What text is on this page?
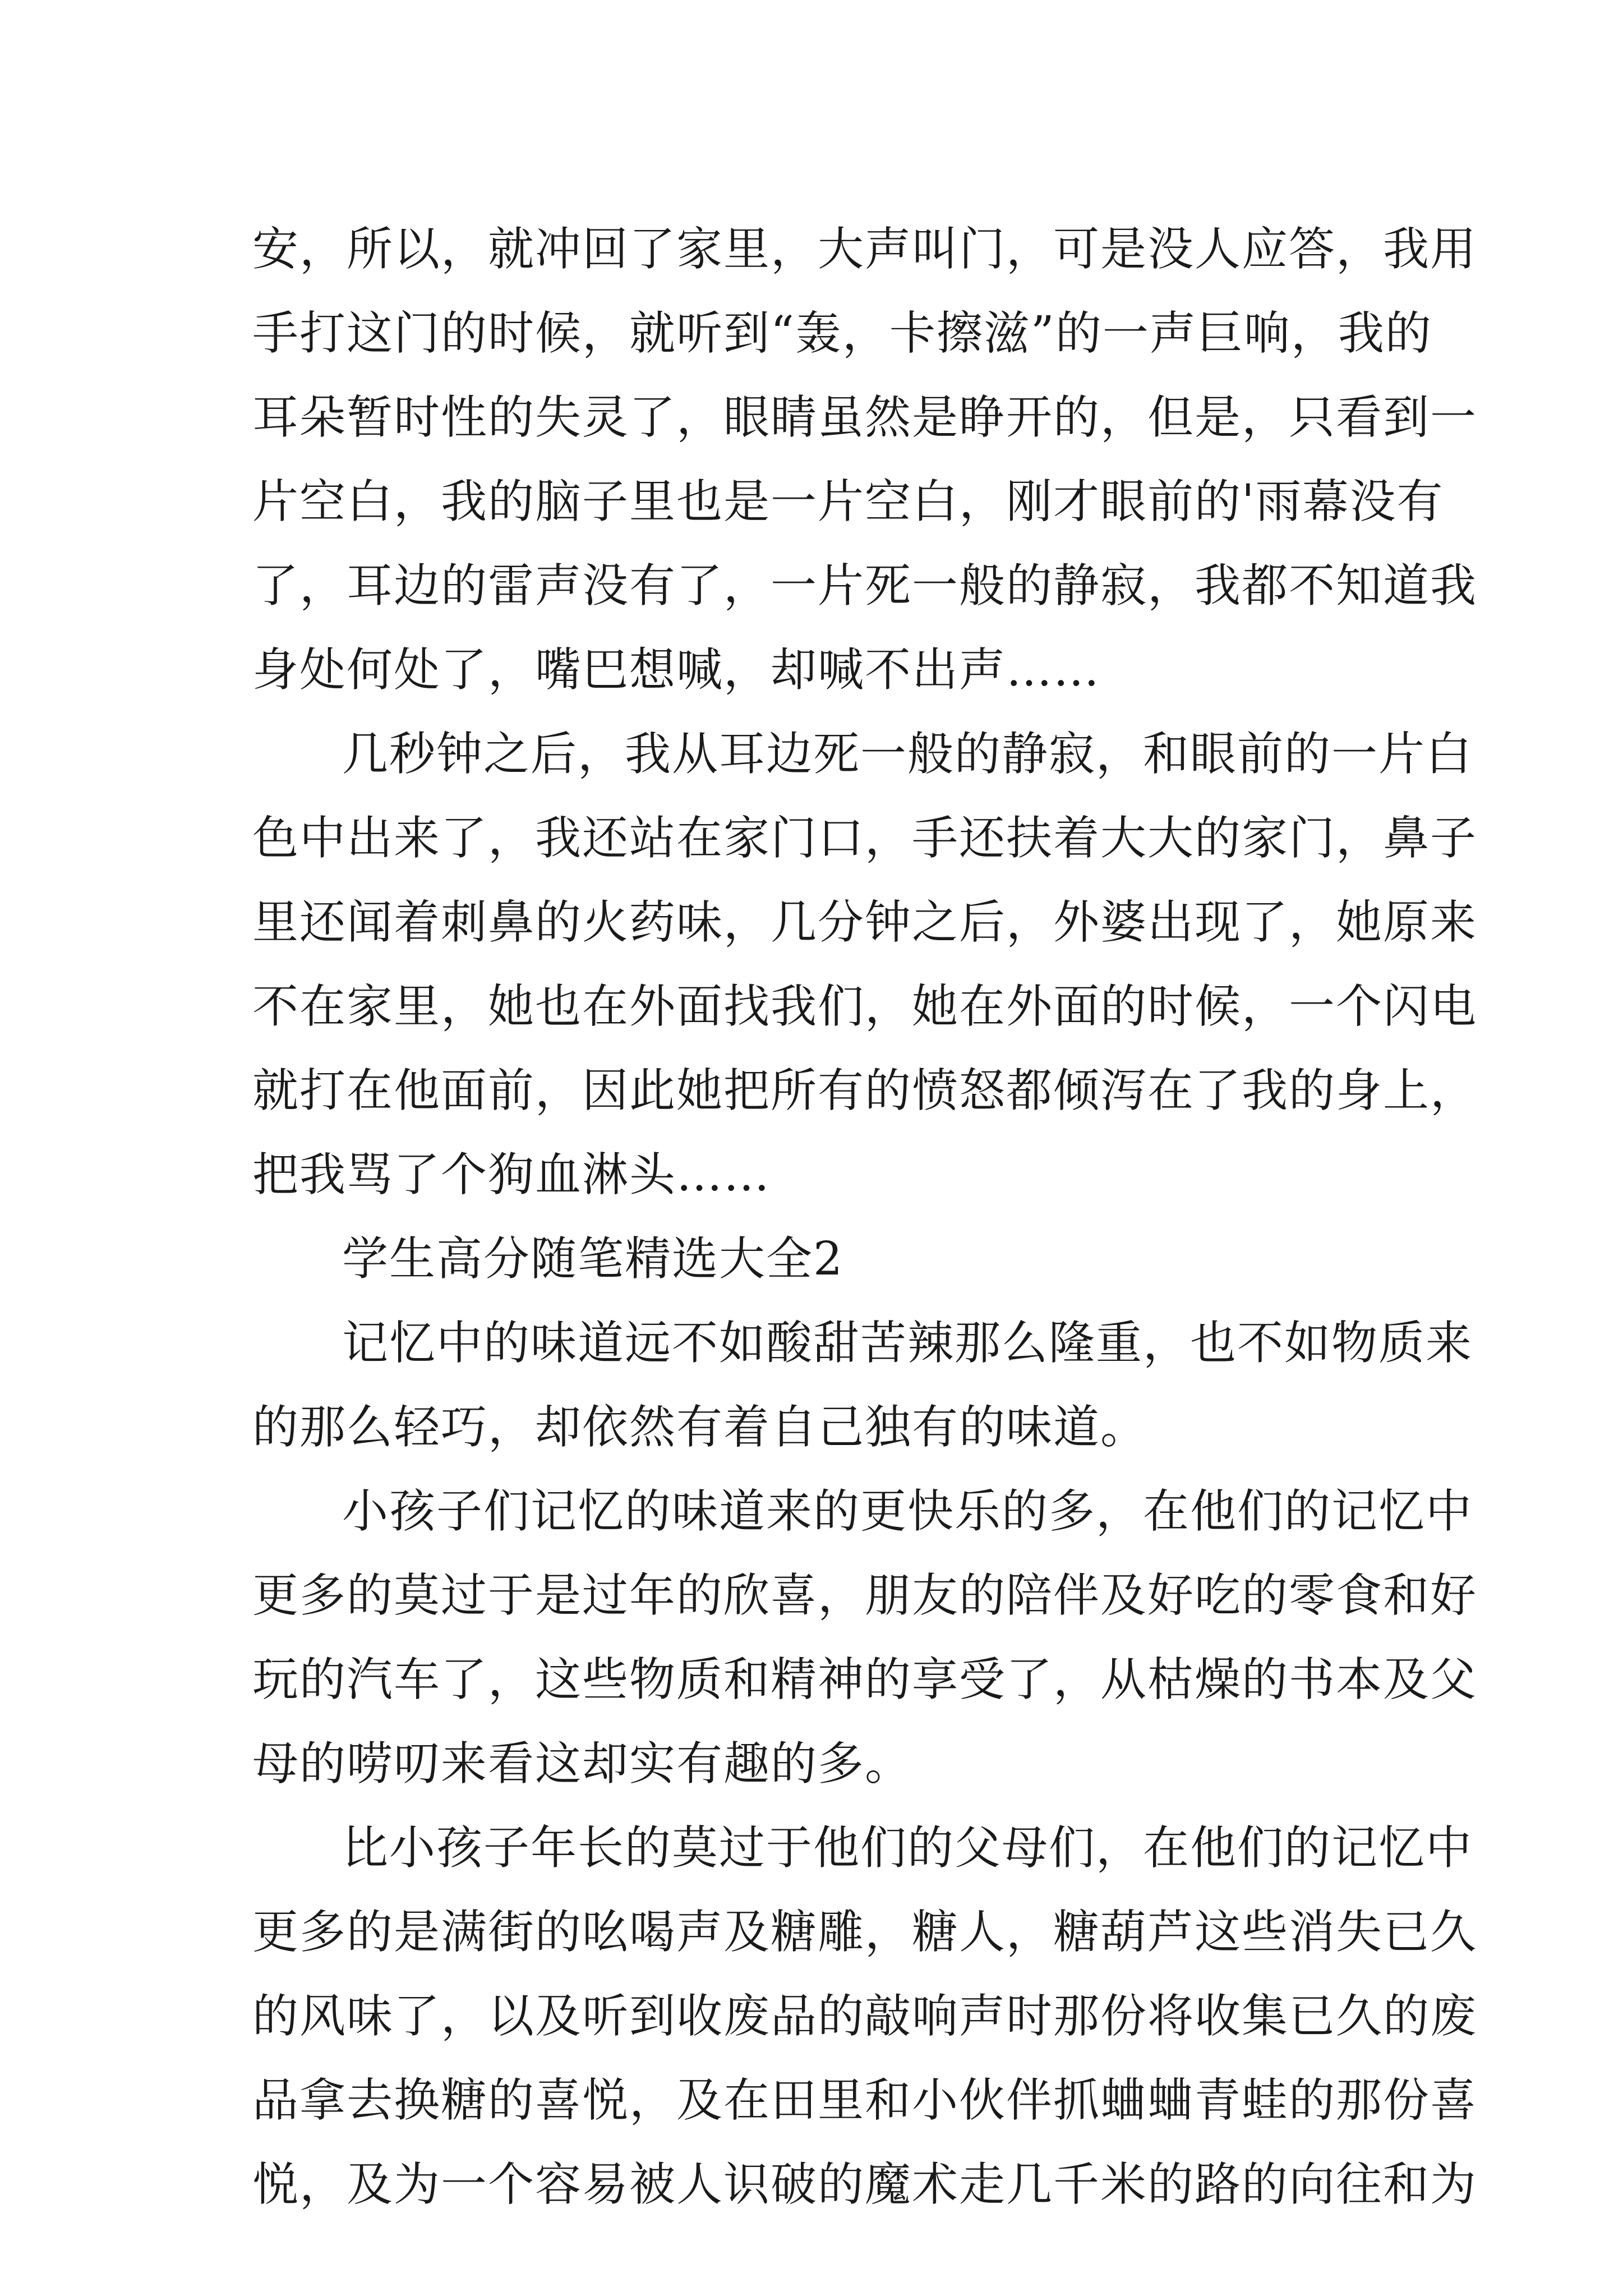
安，所以，就冲回了家里，大声叫门，可是没人应答，我用
手打这门的时候，就听到“轰，卡擦滋”的一声巨响，我的
耳朵暂时性的失灵了，眼睛虽然是睁开的，但是，只看到一
片空白，我的脑子里也是一片空白，刚才眼前的'雨幕没有
了，耳边的雷声没有了，一片死一般的静寂，我都不知道我
身处何处了，嘴巴想喊，却喊不出声……
几秒钟之后，我从耳边死一般的静寂，和眼前的一片白
色中出来了，我还站在家门口，手还扶着大大的家门，鼻子
里还闻着刺鼻的火药味，几分钟之后，外婆出现了，她原来
不在家里，她也在外面找我们，她在外面的时候，一个闪电
就打在他面前，因此她把所有的愤怒都倾泻在了我的身上，
把我骂了个狗血淋头……
学生高分随笔精选大全2
记忆中的味道远不如酸甜苦辣那么隆重，也不如物质来
的那么轻巧，却依然有着自己独有的味道。
小孩子们记忆的味道来的更快乐的多，在他们的记忆中
更多的莫过于是过年的欣喜，朋友的陪伴及好吃的零食和好
玩的汽车了，这些物质和精神的享受了，从枯燥的书本及父
母的唠叨来看这却实有趣的多。
比小孩子年长的莫过于他们的父母们，在他们的记忆中
更多的是满街的吆喝声及糖雕，糖人，糖葫芦这些消失已久
的风味了，以及听到收废品的敲响声时那份将收集已久的废
品拿去换糖的喜悦，及在田里和小伙伴抓蛐蛐青蛙的那份喜
悦，及为一个容易被人识破的魔术走几千米的路的向往和为
